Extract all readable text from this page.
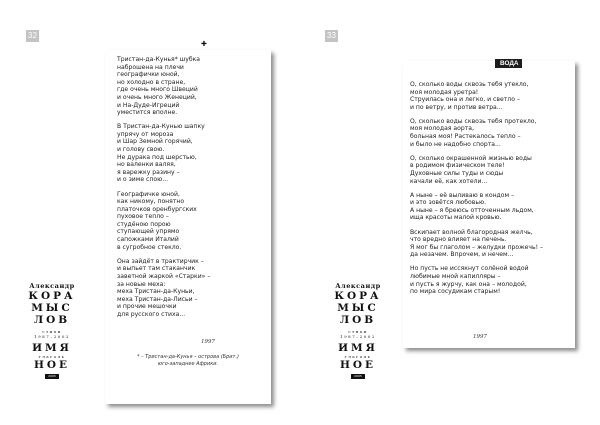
32
Александр
КОРА
МЫС
ЛОВ
стихи
1987–2002
ИМЯ
глаголь
НОЕ
2005
✚

Тристан-да-Кунья* шубка
наброшена на плечи
географички юной,
но холодно в стране,
где очень много Швеций
и очень много Женеций,
и На-Дуде-Игреций
уместится вполне.

В Тристан-да-Кунью шапку
упрячу от мороза
и Шар Земной горячий,
и голову свою.
Не дурака под шерстью,
но валенки валяя,
я варежку разину –
и о зиме спою...

Географичке юной,
как никому, понятно
платочков оренбургских
пуховое тепло –
студёною порою
ступающей упрямо
сапожками Италий
в сугробное стекло.

Она зайдёт в трактирчик –
и выпьет там стаканчик
заветной жаркой «Старки» –
за новые меха:
меха Тристан-да-Куньи,
меха Тристан-да-Лисьи –
и прочие мешочки
для русского стиха...

1997
* – Тристан-да-Кунья – острова (Брит.)
юго-западнее Африки.
33
Александр
КОРА
МЫС
ЛОВ
стихи
1987–2002
ИМЯ
глаголь
НОЕ
2005
ВОДА

О, сколько воды сквозь тебя утекло,
моя молодая уретра!
Струилась она и легко, и светло –
и по ветру, и против ветра...

О, сколько воды сквозь тебя протекло,
моя молодая аорта,
больная моя! Растекалось тепло –
и было не надобно спорта...

О, сколько окрашенной жизнью воды
в родимом физическом теле!
Духовные силы туды и сюды
качали её, как хотели...

А ныне – её выливаю в кондом –
и это зовётся любовью.
А ныне – я бреюсь отточенным льдом,
ища красоты малой кровью.

Вскипает волной благородная желчь,
что вредно влияет на печень.
Я мог бы глаголом – желудки прожечь! –
да незачем. Впрочем, и нечем...

Но пусть не иссякнут солёной водой
любимые мной капилляры –
и пусть я журчу, как она – молодой,
по мира сосудикам старым!

1997
